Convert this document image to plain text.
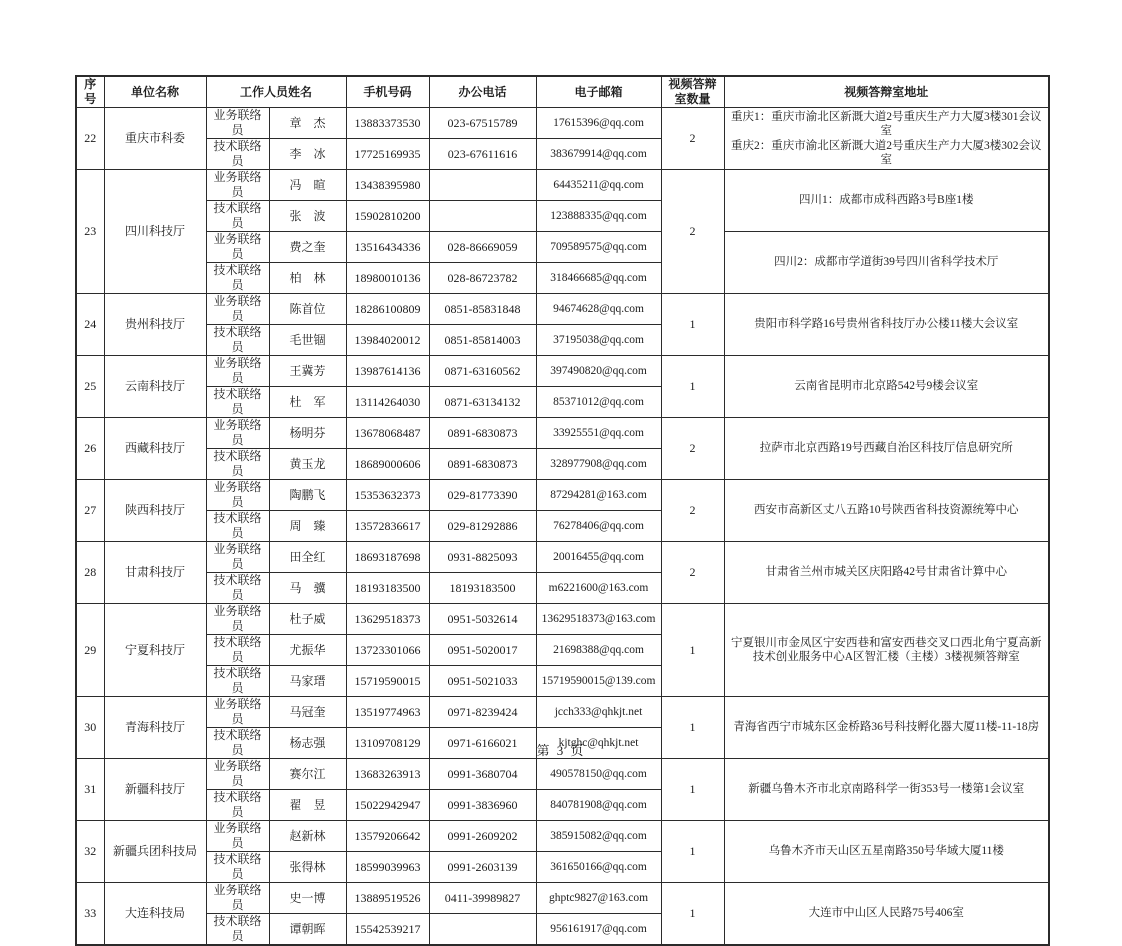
序号	单位名称	工作人员姓名		手机号码	办公电话	电子邮箱	视频答辩室数量	视频答辩室地址
22	重庆市科委	业务联络员	章　杰	13883373530	023-67515789	17615396@qq.com	2	重庆1：重庆市渝北区新溉大道2号重庆生产力大厦3楼301会议室
重庆2：重庆市渝北区新溉大道2号重庆生产力大厦3楼302会议室

		技术联络员	李　冰	17725169935	023-67611616	383679914@qq.com		
23	四川科技厅	业务联络员	冯　暄	13438395980		64435211@qq.com	2	四川1：成都市成科西路3号B座1楼

		技术联络员	张　波	15902810200		123888335@qq.com		
		业务联络员	费之奎	13516434336	028-86669059	709589575@qq.com		四川2：成都市学道街39号四川省科学技术厅

		技术联络员	柏　林	18980010136	028-86723782	318466685@qq.com		
24	贵州科技厅	业务联络员	陈首位	18286100809	0851-85831848	94674628@qq.com	1	贵阳市科学路16号贵州省科技厅办公楼11楼大会议室

		技术联络员	毛世锢	13984020012	0851-85814003	37195038@qq.com		
25	云南科技厅	业务联络员	王冀芳	13987614136	0871-63160562	397490820@qq.com	1	云南省昆明市北京路542号9楼会议室

		技术联络员	杜　军	13114264030	0871-63134132	85371012@qq.com		
26	西藏科技厅	业务联络员	杨明芬	13678068487	0891-6830873	33925551@qq.com	2	拉萨市北京西路19号西藏自治区科技厅信息研究所

		技术联络员	黄玉龙	18689000606	0891-6830873	328977908@qq.com		
27	陕西科技厅	业务联络员	陶鹏飞	15353632373	029-81773390	87294281@163.com	2	西安市高新区丈八五路10号陕西省科技资源统筹中心

		技术联络员	周　臻	13572836617	029-81292886	76278406@qq.com		
28	甘肃科技厅	业务联络员	田全红	18693187698	0931-8825093	20016455@qq.com	2	甘肃省兰州市城关区庆阳路42号甘肃省计算中心

		技术联络员	马　骥	18193183500	18193183500	m6221600@163.com		
29	宁夏科技厅	业务联络员	杜子威	13629518373	0951-5032614	13629518373@163.com	1	宁夏银川市金凤区宁安西巷和富安西巷交叉口西北角宁夏高新技术创业服务中心A区智汇楼（主楼）3楼视频答辩室

		技术联络员	尤振华	13723301066	0951-5020017	21698388@qq.com		
		技术联络员	马家瑨	15719590015	0951-5021033	15719590015@139.com		
30	青海科技厅	业务联络员	马冠奎	13519774963	0971-8239424	jcch333@qhkjt.net	1	青海省西宁市城东区金桥路36号科技孵化器大厦11楼-11-18房

		技术联络员	杨志强	13109708129	0971-6166021	kjtghc@qhkjt.net		
31	新疆科技厅	业务联络员	赛尔江	13683263913	0991-3680704	490578150@qq.com	1	新疆乌鲁木齐市北京南路科学一街353号一楼第1会议室

		技术联络员	翟　昱	15022942947	0991-3836960	840781908@qq.com		
32	新疆兵团科技局	业务联络员	赵新林	13579206642	0991-2609202	385915082@qq.com	1	乌鲁木齐市天山区五星南路350号华域大厦11楼

		技术联络员	张得林	18599039963	0991-2603139	361650166@qq.com		
33	大连科技局	业务联络员	史一博	13889519526	0411-39989827	ghptc9827@163.com	1	大连市中山区人民路75号406室

		技术联络员	谭朝晖	15542539217		956161917@qq.com		
第 3 页
